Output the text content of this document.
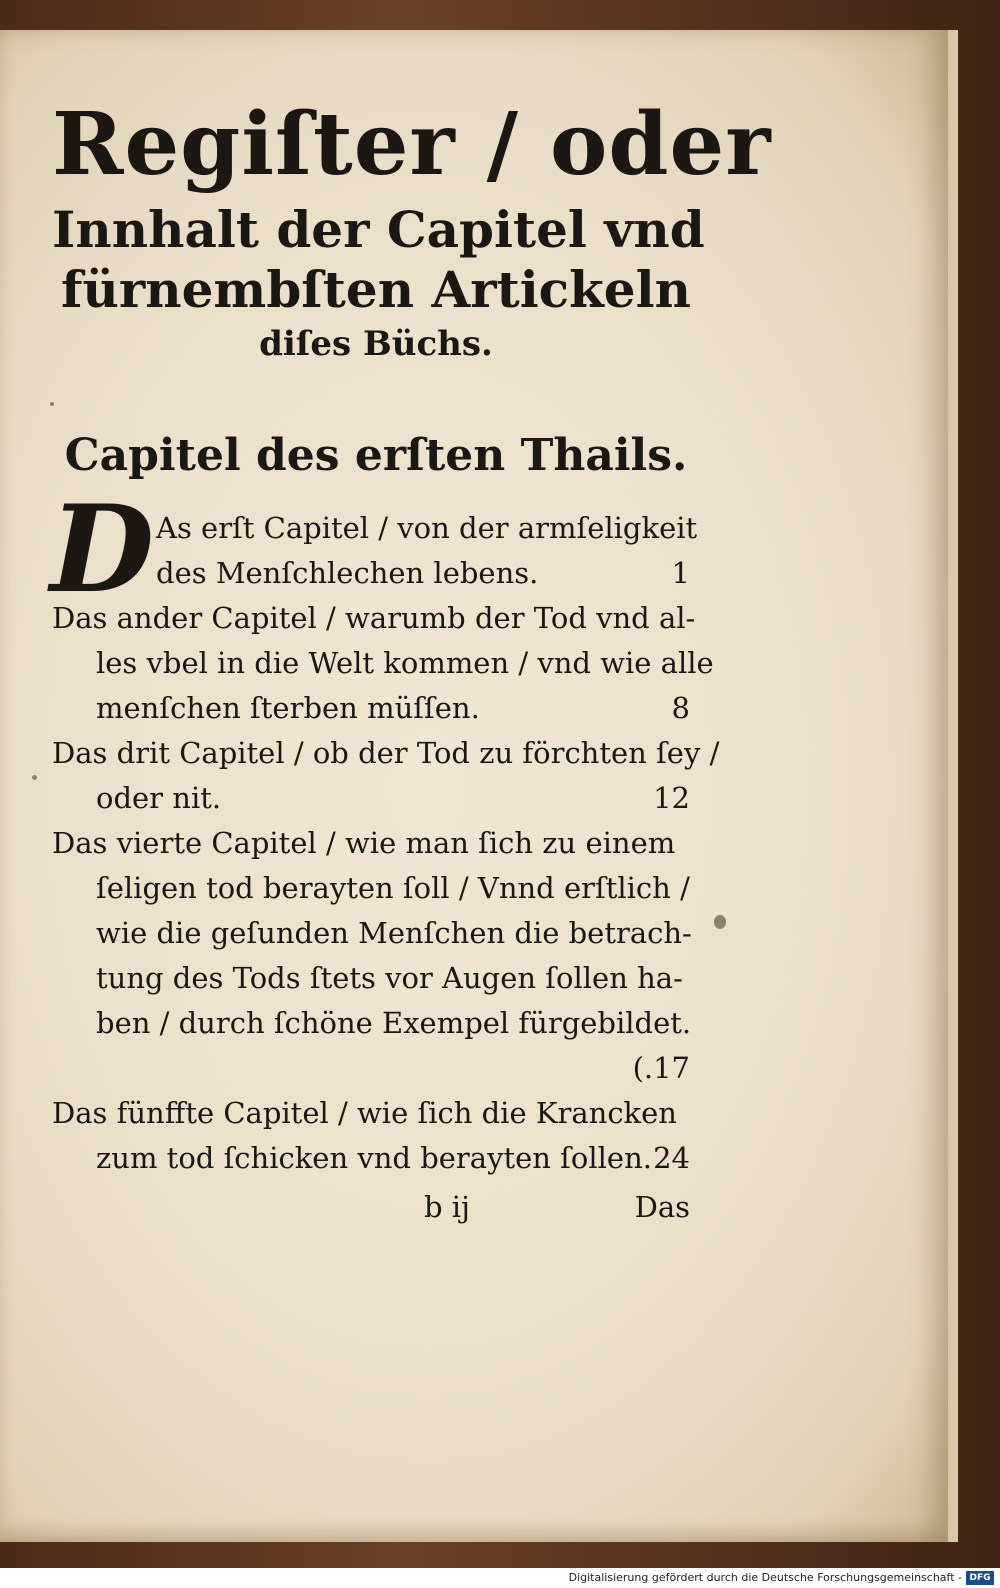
Regiſter / oder

Innhalt der Capitel vnd

fürnembſten Artickeln

diſes Büchs.

Capitel des erſten Thails.

D As erſt Capitel / von der armſeligkeit
des Menſchlechen lebens.	1
Das ander Capitel / warumb der Tod vnd al-
les vbel in die Welt kommen / vnd wie alle
menſchen ſterben müſſen.	8
Das drit Capitel / ob der Tod zu förchten ſey /
oder nit.	12
Das vierte Capitel / wie man ſich zu einem
ſeligen tod berayten ſoll / Vnnd erſtlich /
wie die geſunden Menſchen die betrach-
tung des Tods ſtets vor Augen ſollen ha-
ben / durch ſchöne Exempel fürgebildet.
(.17
Das fünffte Capitel / wie ſich die Krancken
zum tod ſchicken vnd berayten ſollen. 24
b ij	Das
Digitalisierung gefördert durch die Deutsche Forschungsgemeinschaft - DFG
